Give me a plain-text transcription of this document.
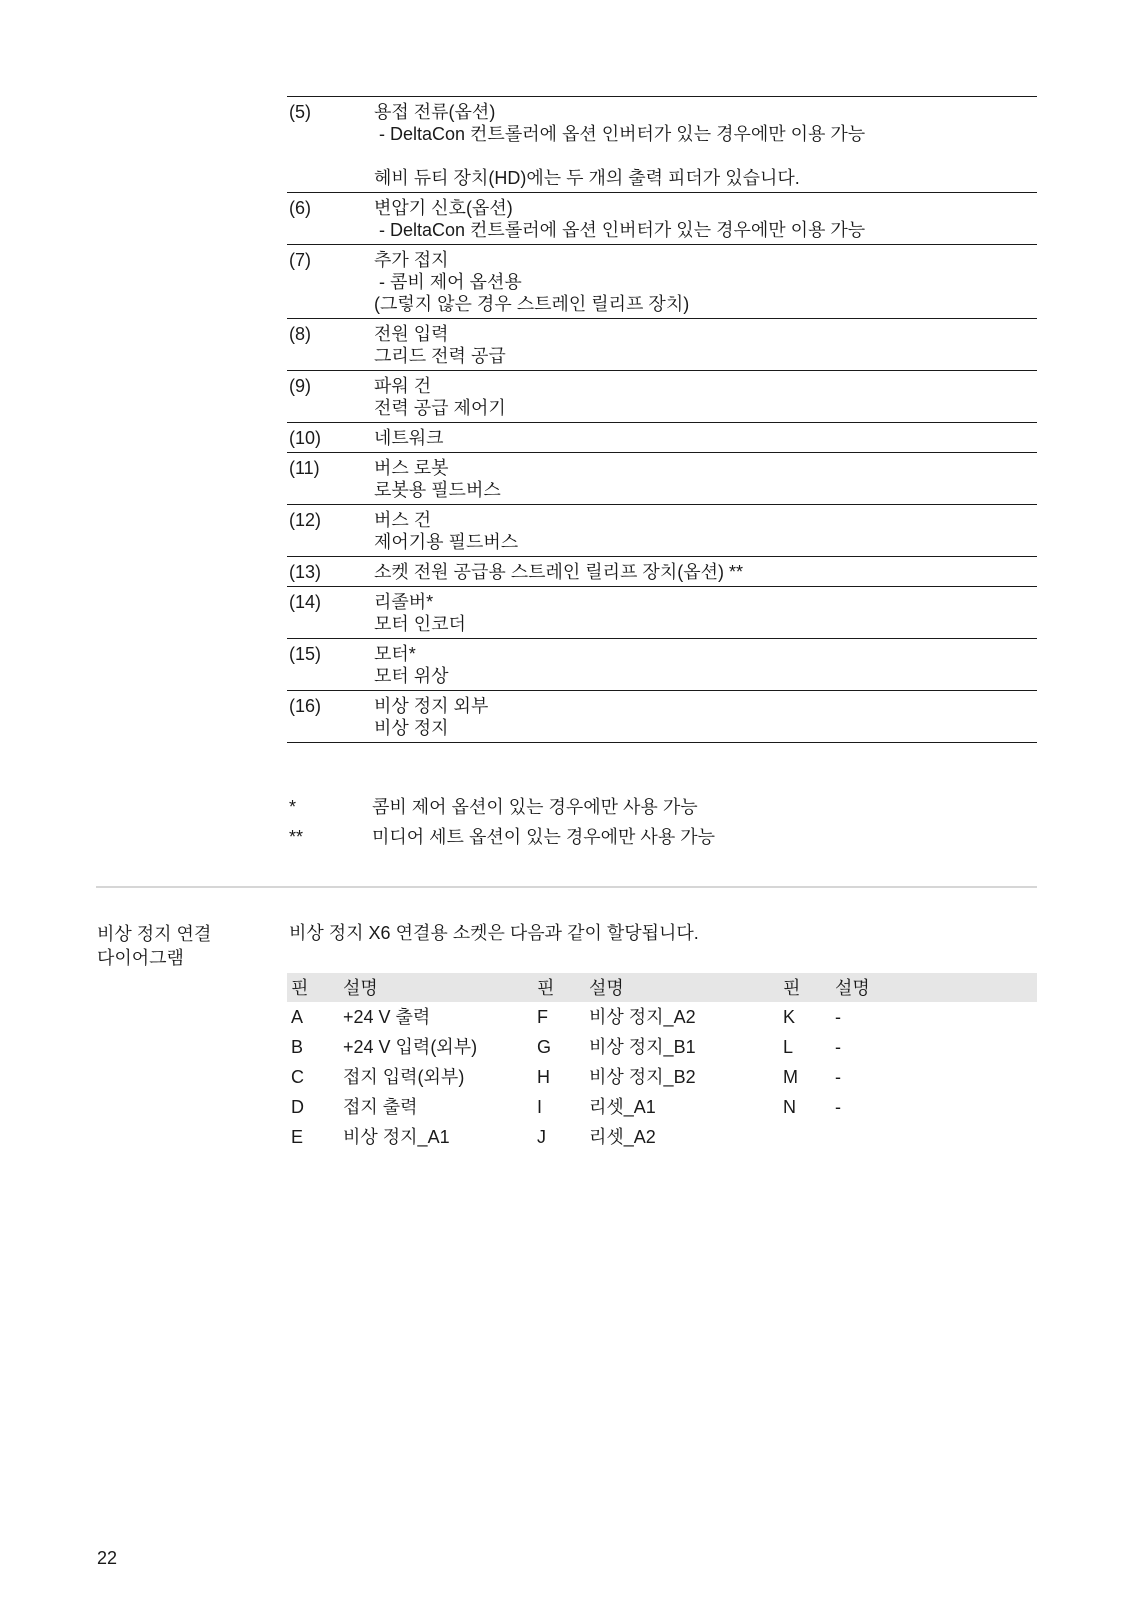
(5)	용접 전류(옵션)
- DeltaCon 컨트롤러에 옵션 인버터가 있는 경우에만 이용 가능
헤비 듀티 장치(HD)에는 두 개의 출력 피더가 있습니다.
(6)	변압기 신호(옵션)
- DeltaCon 컨트롤러에 옵션 인버터가 있는 경우에만 이용 가능
(7)	추가 접지
- 콤비 제어 옵션용
(그렇지 않은 경우 스트레인 릴리프 장치)
(8)	전원 입력
그리드 전력 공급
(9)	파워 건
전력 공급 제어기
(10)	네트워크
(11)	버스 로봇
로봇용 필드버스
(12)	버스 건
제어기용 필드버스
(13)	소켓 전원 공급용 스트레인 릴리프 장치(옵션) **
(14)	리졸버*
모터 인코더
(15)	모터*
모터 위상
(16)	비상 정지 외부
비상 정지
*	콤비 제어 옵션이 있는 경우에만 사용 가능
**	미디어 세트 옵션이 있는 경우에만 사용 가능
비상 정지 연결
다이어그램
비상 정지 X6 연결용 소켓은 다음과 같이 할당됩니다.
핀	설명	핀	설명	핀	설명
A	+24 V 출력	F	비상 정지_A2	K	-
B	+24 V 입력(외부)	G	비상 정지_B1	L	-
C	접지 입력(외부)	H	비상 정지_B2	M	-
D	접지 출력	I	리셋_A1	N	-
E	비상 정지_A1	J	리셋_A2		
22
